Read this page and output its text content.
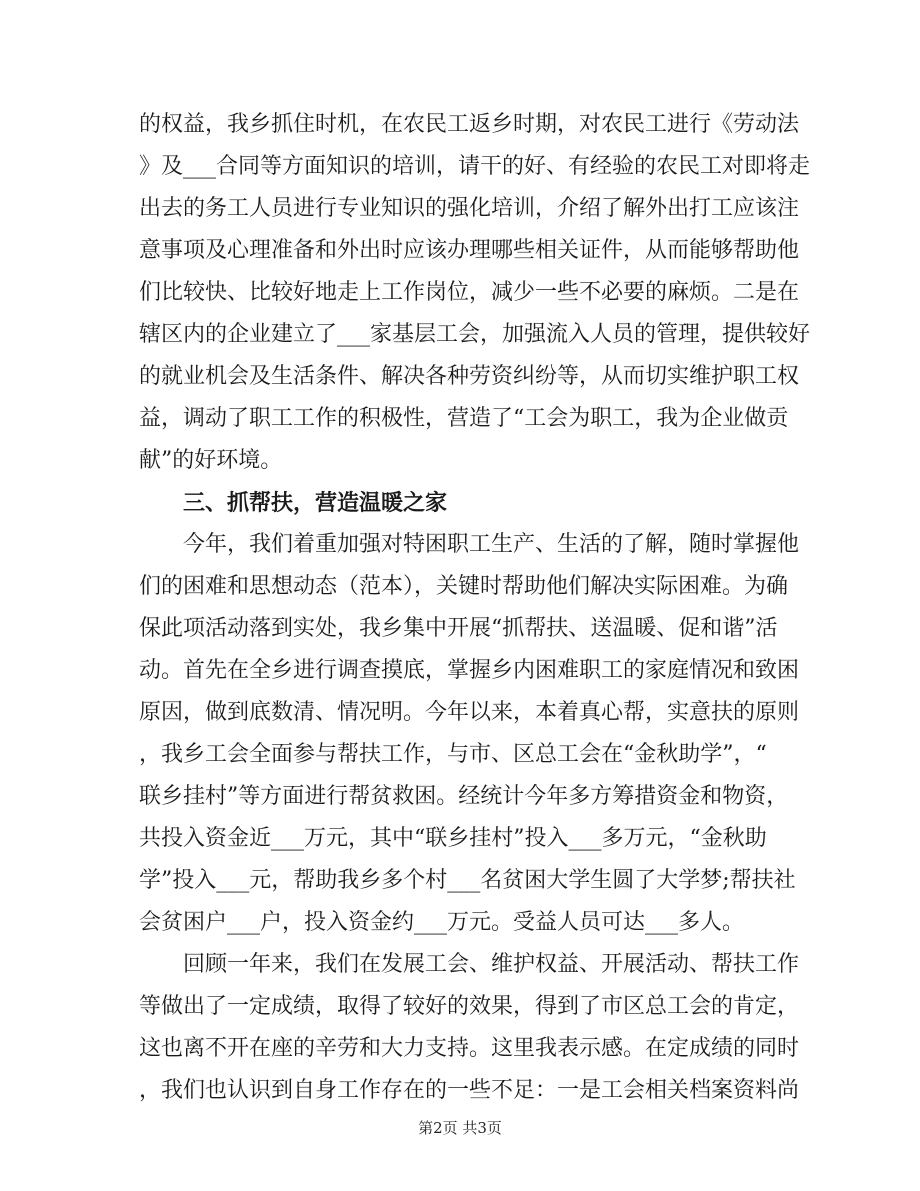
的权益，我乡抓住时机，在农民工返乡时期，对农民工进行《劳动法
》及___合同等方面知识的培训，请干的好、有经验的农民工对即将走
出去的务工人员进行专业知识的强化培训，介绍了解外出打工应该注
意事项及心理准备和外出时应该办理哪些相关证件，从而能够帮助他
们比较快、比较好地走上工作岗位，减少一些不必要的麻烦。二是在
辖区内的企业建立了___家基层工会，加强流入人员的管理，提供较好
的就业机会及生活条件、解决各种劳资纠纷等，从而切实维护职工权
益，调动了职工工作的积极性，营造了“工会为职工，我为企业做贡
献”的好环境。
三、抓帮扶，营造温暖之家
今年，我们着重加强对特困职工生产、生活的了解，随时掌握他
们的困难和思想动态（范本），关键时帮助他们解决实际困难。为确
保此项活动落到实处，我乡集中开展“抓帮扶、送温暖、促和谐”活
动。首先在全乡进行调查摸底，掌握乡内困难职工的家庭情况和致困
原因，做到底数清、情况明。今年以来，本着真心帮，实意扶的原则
，我乡工会全面参与帮扶工作，与市、区总工会在“金秋助学”，“
联乡挂村”等方面进行帮贫救困。经统计今年多方筹措资金和物资，
共投入资金近___万元，其中“联乡挂村”投入___多万元，“金秋助
学”投入___元，帮助我乡多个村___名贫困大学生圆了大学梦;帮扶社
会贫困户___户，投入资金约___万元。受益人员可达___多人。
回顾一年来，我们在发展工会、维护权益、开展活动、帮扶工作
等做出了一定成绩，取得了较好的效果，得到了市区总工会的肯定，
这也离不开在座的辛劳和大力支持。这里我表示感。在定成绩的同时
，我们也认识到自身工作存在的一些不足：一是工会相关档案资料尚
第2页 共3页
